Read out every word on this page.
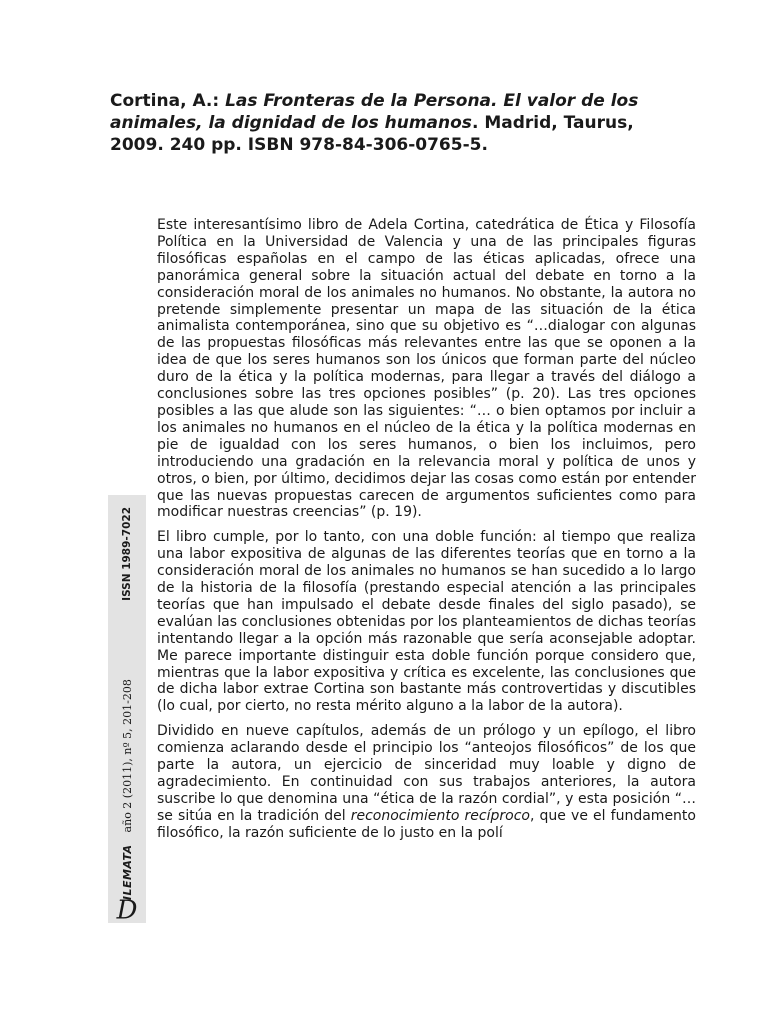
Cortina, A.: Las Fronteras de la Persona. El valor de los animales, la dignidad de los humanos. Madrid, Taurus, 2009. 240 pp. ISBN 978-84-306-0765-5.

Este interesantísimo libro de Adela Cortina, catedrática de Ética y Filosofía Política en la Universidad de Valencia y una de las principales figuras filosóficas españolas en el campo de las éticas aplicadas, ofrece una panorámica general sobre la situación actual del debate en torno a la consideración moral de los animales no humanos. No obstante, la autora no pretende simplemente presentar un mapa de las situación de la ética animalista contemporánea, sino que su objetivo es “…dialogar con algunas de las propuestas filosóficas más relevantes entre las que se oponen a la idea de que los seres humanos son los únicos que forman parte del núcleo duro de la ética y la política modernas, para llegar a través del diálogo a conclusiones sobre las tres opciones posibles” (p. 20). Las tres opciones posibles a las que alude son las siguientes: “… o bien optamos por incluir a los animales no humanos en el núcleo de la ética y la política modernas en pie de igualdad con los seres humanos, o bien los incluimos, pero introduciendo una gradación en la relevancia moral y política de unos y otros, o bien, por último, decidimos dejar las cosas como están por entender que las nuevas propuestas carecen de argumentos suficientes como para modificar nuestras creencias” (p. 19).

El libro cumple, por lo tanto, con una doble función: al tiempo que realiza una labor expositiva de algunas de las diferentes teorías que en torno a la consideración moral de los animales no humanos se han sucedido a lo largo de la historia de la filosofía (prestando especial atención a las principales teorías que han impulsado el debate desde finales del siglo pasado), se evalúan las conclusiones obtenidas por los planteamientos de dichas teorías intentando llegar a la opción más razonable que sería aconsejable adoptar. Me parece importante distinguir esta doble función porque considero que, mientras que la labor expositiva y crítica es excelente, las conclusiones que de dicha labor extrae Cortina son bastante más controvertidas y discutibles (lo cual, por cierto, no resta mérito alguno a la labor de la autora).

Dividido en nueve capítulos, además de un prólogo y un epílogo, el libro comienza aclarando desde el principio los “anteojos filosóficos” de los que parte la autora, un ejercicio de sinceridad muy loable y digno de agradecimiento. En continuidad con sus trabajos anteriores, la autora suscribe lo que denomina una “ética de la razón cordial”, y esta posición “…se sitúa en la tradición del reconocimiento recíproco, que ve el fundamento filosófico, la razón suficiente de lo justo en la polí

D
ILEMATA
año 2 (2011), nº 5, 201-208
ISSN 1989-7022
